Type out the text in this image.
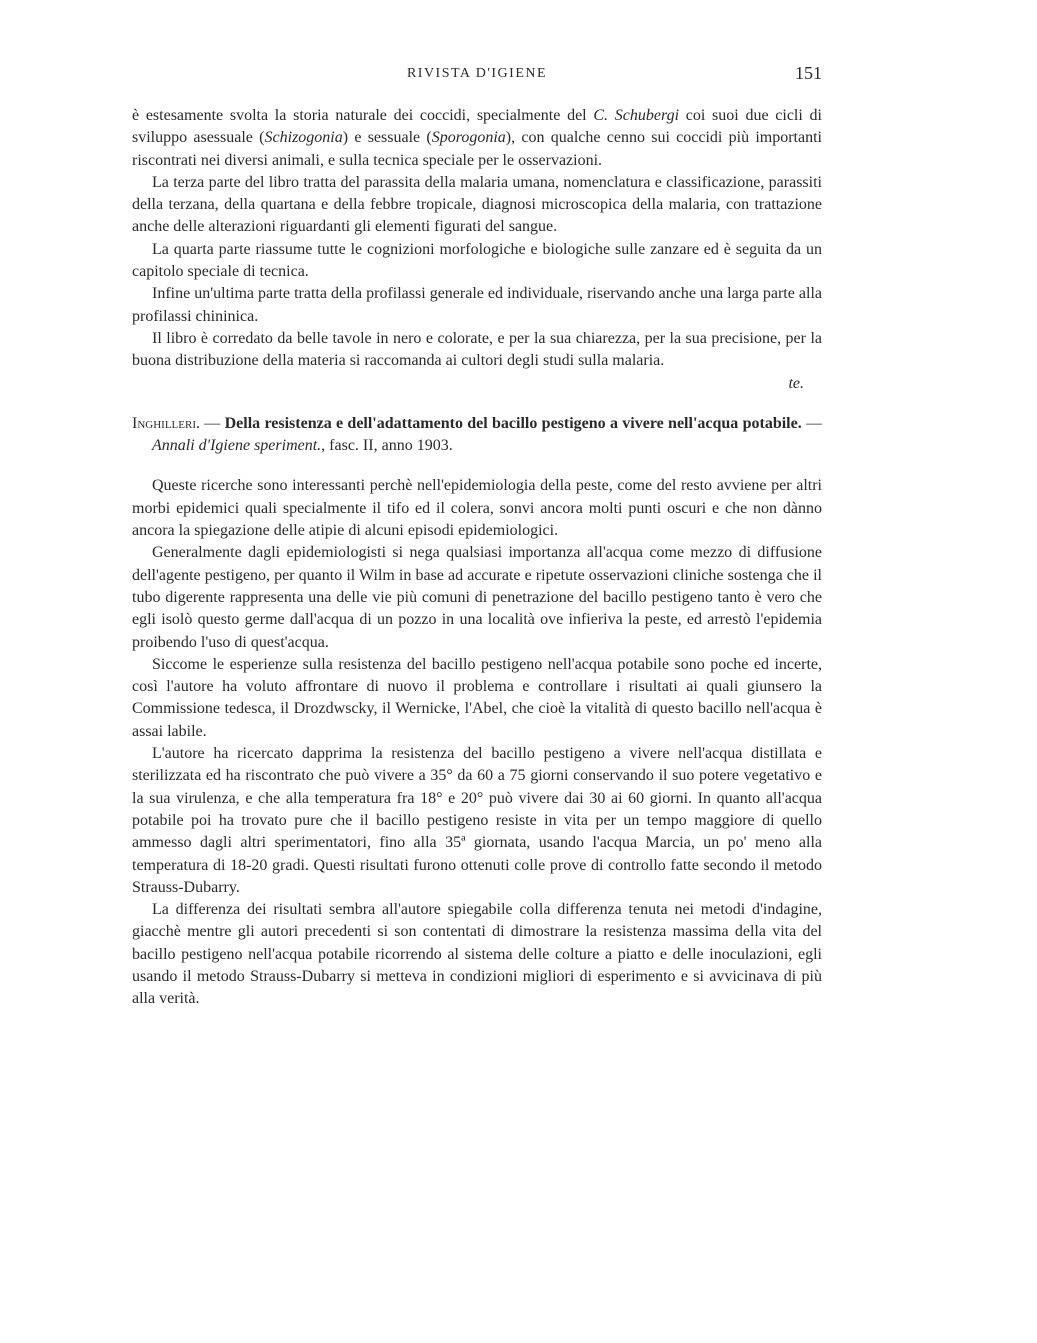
RIVISTA D'IGIENE	151

è estesamente svolta la storia naturale dei coccidi, specialmente del C. Schubergi coi suoi due cicli di sviluppo asessuale (Schizogonia) e sessuale (Sporogonia), con qualche cenno sui coccidi più importanti riscontrati nei diversi animali, e sulla tecnica speciale per le osservazioni.

La terza parte del libro tratta del parassita della malaria umana, nomenclatura e classificazione, parassiti della terzana, della quartana e della febbre tropicale, diagnosi microscopica della malaria, con trattazione anche delle alterazioni riguardanti gli elementi figurati del sangue.

La quarta parte riassume tutte le cognizioni morfologiche e biologiche sulle zanzare ed è seguita da un capitolo speciale di tecnica.

Infine un'ultima parte tratta della profilassi generale ed individuale, riservando anche una larga parte alla profilassi chininica.

Il libro è corredato da belle tavole in nero e colorate, e per la sua chiarezza, per la sua precisione, per la buona distribuzione della materia si raccomanda ai cultori degli studi sulla malaria.

te.

Inghilleri. — Della resistenza e dell'adattamento del bacillo pestigeno a vivere nell'acqua potabile. — Annali d'Igiene speriment., fasc. II, anno 1903.

Queste ricerche sono interessanti perchè nell'epidemiologia della peste, come del resto avviene per altri morbi epidemici quali specialmente il tifo ed il colera, sonvi ancora molti punti oscuri e che non dànno ancora la spiegazione delle atipie di alcuni episodi epidemiologici.

Generalmente dagli epidemiologisti si nega qualsiasi importanza all'acqua come mezzo di diffusione dell'agente pestigeno, per quanto il Wilm in base ad accurate e ripetute osservazioni cliniche sostenga che il tubo digerente rappresenta una delle vie più comuni di penetrazione del bacillo pestigeno tanto è vero che egli isolò questo germe dall'acqua di un pozzo in una località ove infieriva la peste, ed arrestò l'epidemia proibendo l'uso di quest'acqua.

Siccome le esperienze sulla resistenza del bacillo pestigeno nell'acqua potabile sono poche ed incerte, così l'autore ha voluto affrontare di nuovo il problema e controllare i risultati ai quali giunsero la Commissione tedesca, il Drozdwscky, il Wernicke, l'Abel, che cioè la vitalità di questo bacillo nell'acqua è assai labile.

L'autore ha ricercato dapprima la resistenza del bacillo pestigeno a vivere nell'acqua distillata e sterilizzata ed ha riscontrato che può vivere a 35° da 60 a 75 giorni conservando il suo potere vegetativo e la sua virulenza, e che alla temperatura fra 18° e 20° può vivere dai 30 ai 60 giorni. In quanto all'acqua potabile poi ha trovato pure che il bacillo pestigeno resiste in vita per un tempo maggiore di quello ammesso dagli altri sperimentatori, fino alla 35ª giornata, usando l'acqua Marcia, un po' meno alla temperatura di 18-20 gradi. Questi risultati furono ottenuti colle prove di controllo fatte secondo il metodo Strauss-Dubarry.

La differenza dei risultati sembra all'autore spiegabile colla differenza tenuta nei metodi d'indagine, giacchè mentre gli autori precedenti si son contentati di dimostrare la resistenza massima della vita del bacillo pestigeno nell'acqua potabile ricorrendo al sistema delle colture a piatto e delle inoculazioni, egli usando il metodo Strauss-Dubarry si metteva in condizioni migliori di esperimento e si avvicinava di più alla verità.
